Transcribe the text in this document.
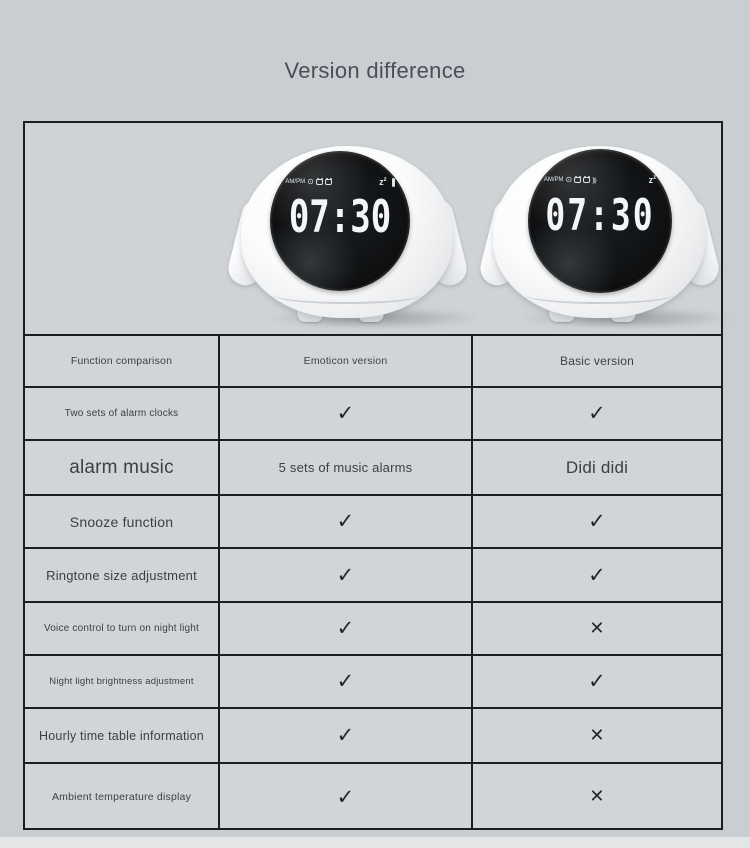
Version difference
AM/PM ⊙	$z^z$
07:30
AM/PM ⊙	)))	$z^z$
07:30
Function comparison	Emoticon version	Basic version
Two sets of alarm clocks	✓	✓
alarm music	5 sets of music alarms	Didi didi
Snooze function	✓	✓
Ringtone size adjustment	✓	✓
Voice control to turn on night light	✓	✕
Night light brightness adjustment	✓	✓
Hourly time table information	✓	✕
Ambient temperature display	✓	✕
